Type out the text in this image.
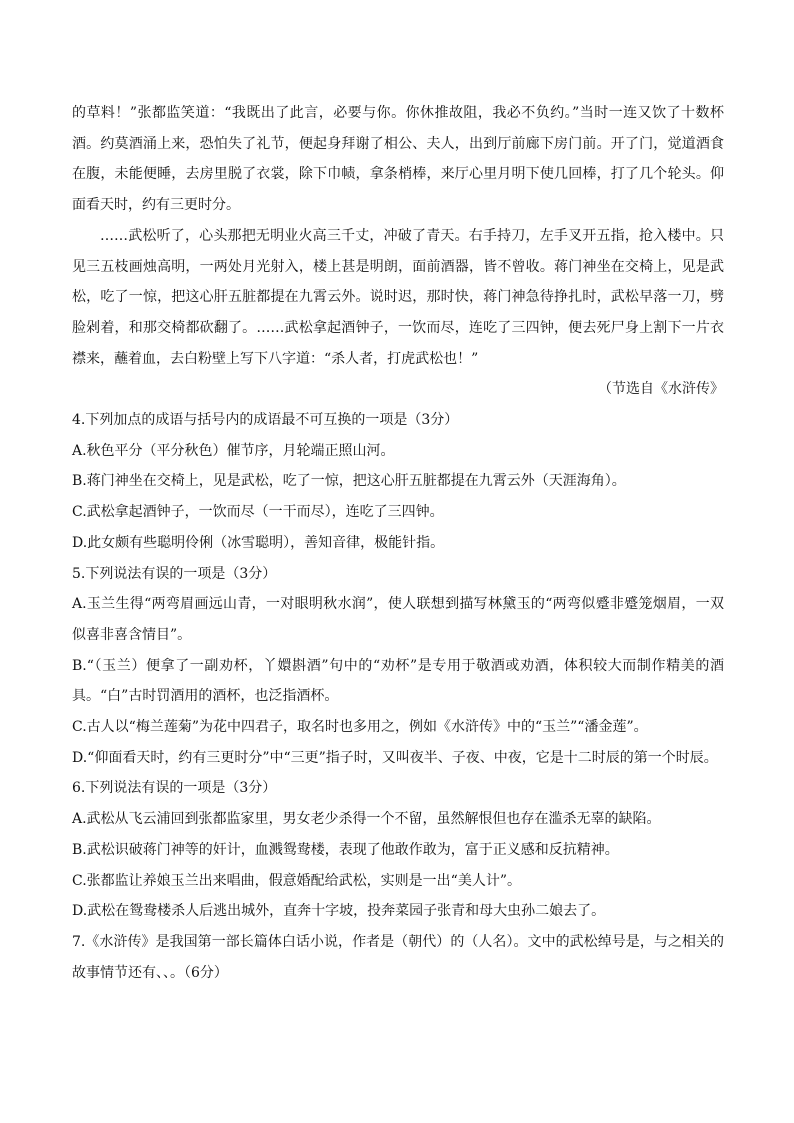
的草料！”张都监笑道：“我既出了此言，必要与你。你休推故阻，我必不负约。”当时一连又饮了十数杯酒。约莫酒涌上来，恐怕失了礼节，便起身拜谢了相公、夫人，出到厅前廊下房门前。开了门，觉道酒食在腹，未能便睡，去房里脱了衣裳，除下巾帻，拿条梢棒，来厅心里月明下使几回棒，打了几个轮头。仰面看天时，约有三更时分。

……武松听了，心头那把无明业火高三千丈，冲破了青天。右手持刀，左手叉开五指，抢入楼中。只见三五枝画烛高明，一两处月光射入，楼上甚是明朗，面前酒器，皆不曾收。蒋门神坐在交椅上，见是武松，吃了一惊，把这心肝五脏都提在九霄云外。说时迟，那时快，蒋门神急待挣扎时，武松早落一刀，劈脸剁着，和那交椅都砍翻了。……武松拿起酒钟子，一饮而尽，连吃了三四钟，便去死尸身上割下一片衣襟来，蘸着血，去白粉壁上写下八字道：“杀人者，打虎武松也！”

（节选自《水浒传》

4.下列加点的成语与括号内的成语最不可互换的一项是（3分）

A.秋色平分（平分秋色）催节序，月轮端正照山河。

B.蒋门神坐在交椅上，见是武松，吃了一惊，把这心肝五脏都提在九霄云外（天涯海角）。

C.武松拿起酒钟子，一饮而尽（一干而尽），连吃了三四钟。

D.此女颇有些聪明伶俐（冰雪聪明），善知音律，极能针指。

5.下列说法有误的一项是（3分）

A.玉兰生得“两弯眉画远山青，一对眼明秋水润”，使人联想到描写林黛玉的“两弯似蹙非蹙笼烟眉，一双似喜非喜含情目”。

B.“（玉兰）便拿了一副劝杯，丫嬛斟酒”句中的“劝杯”是专用于敬酒或劝酒，体积较大而制作精美的酒具。“白”古时罚酒用的酒杯，也泛指酒杯。

C.古人以“梅兰莲菊”为花中四君子，取名时也多用之，例如《水浒传》中的“玉兰”“潘金莲”。

D.“仰面看天时，约有三更时分”中“三更”指子时，又叫夜半、子夜、中夜，它是十二时辰的第一个时辰。

6.下列说法有误的一项是（3分）

A.武松从飞云浦回到张都监家里，男女老少杀得一个不留，虽然解恨但也存在滥杀无辜的缺陷。

B.武松识破蒋门神等的奸计，血溅鸳鸯楼，表现了他敢作敢为，富于正义感和反抗精神。

C.张都监让养娘玉兰出来唱曲，假意婚配给武松，实则是一出“美人计”。

D.武松在鸳鸯楼杀人后逃出城外，直奔十字坡，投奔菜园子张青和母大虫孙二娘去了。

7.《水浒传》是我国第一部长篇体白话小说，作者是（朝代）的（人名）。文中的武松绰号是，与之相关的故事情节还有、、。（6分）
